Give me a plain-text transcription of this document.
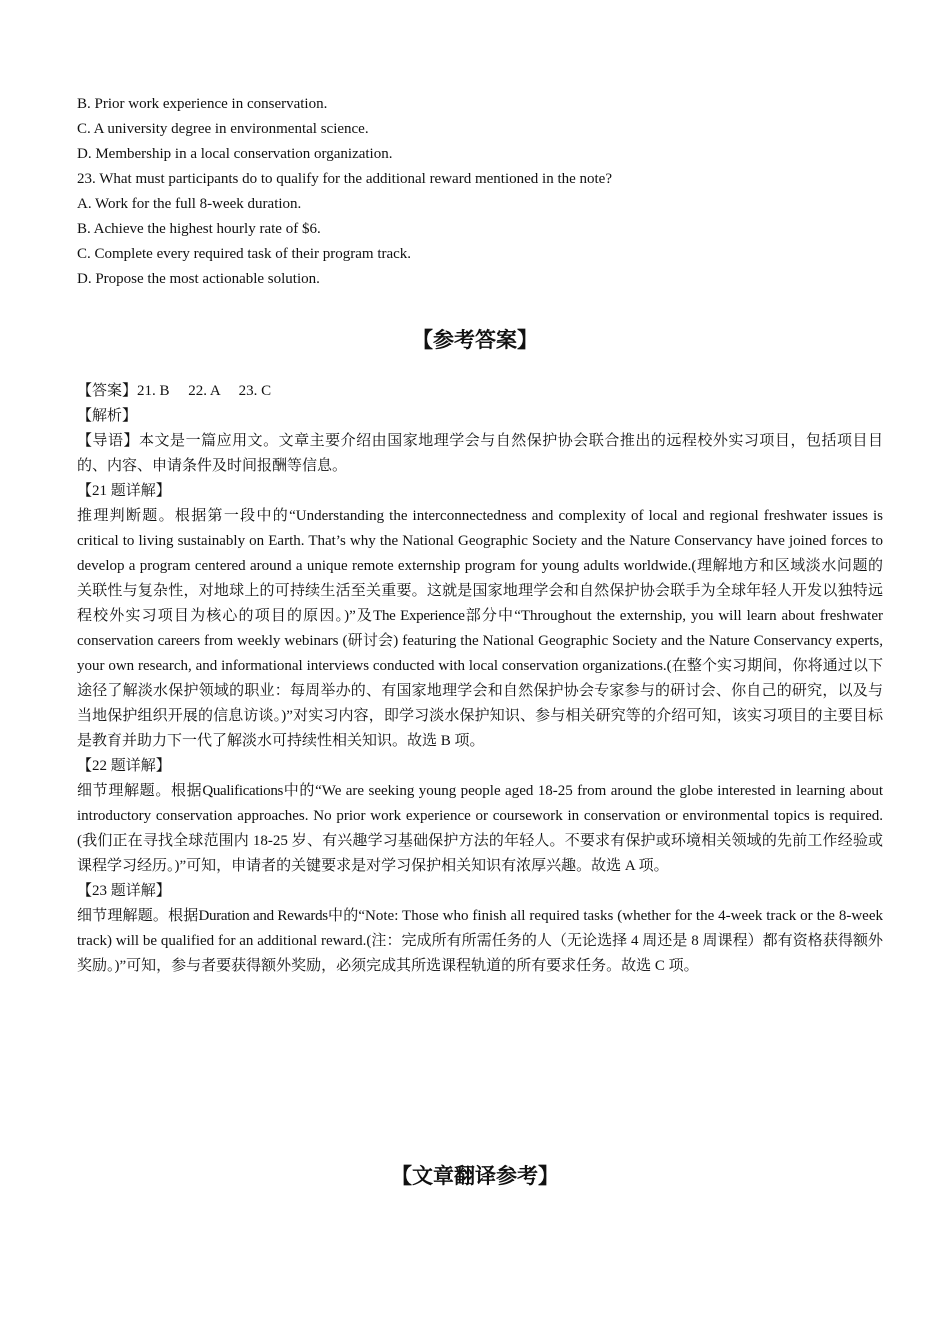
B. Prior work experience in conservation.

C. A university degree in environmental science.

D. Membership in a local conservation organization.

23. What must participants do to qualify for the additional reward mentioned in the note?

A. Work for the full 8-week duration.

B. Achieve the highest hourly rate of $6.

C. Complete every required task of their program track.

D. Propose the most actionable solution.

【参考答案】

【答案】21. B　 22. A　 23. C

【解析】

【导语】本文是一篇应用文。文章主要介绍由国家地理学会与自然保护协会联合推出的远程校外实习项目，包括项目目的、内容、申请条件及时间报酬等信息。

【21 题详解】

推理判断题。根据第一段中的“Understanding the interconnectedness and complexity of local and regional freshwater issues is critical to living sustainably on Earth. That’s why the National Geographic Society and the Nature Conservancy have joined forces to develop a program centered around a unique remote externship program for young adults worldwide.(理解地方和区域淡水问题的关联性与复杂性，对地球上的可持续生活至关重要。这就是国家地理学会和自然保护协会联手为全球年轻人开发以独特远程校外实习项目为核心的项目的原因。)”及The Experience部分中“Throughout the externship, you will learn about freshwater conservation careers from weekly webinars (研讨会) featuring the National Geographic Society and the Nature Conservancy experts, your own research, and informational interviews conducted with local conservation organizations.(在整个实习期间，你将通过以下途径了解淡水保护领域的职业：每周举办的、有国家地理学会和自然保护协会专家参与的研讨会、你自己的研究，以及与当地保护组织开展的信息访谈。)”对实习内容，即学习淡水保护知识、参与相关研究等的介绍可知，该实习项目的主要目标是教育并助力下一代了解淡水可持续性相关知识。故选 B 项。

【22 题详解】

细节理解题。根据Qualifications中的“We are seeking young people aged 18-25 from around the globe interested in learning about introductory conservation approaches. No prior work experience or coursework in conservation or environmental topics is required.(我们正在寻找全球范围内 18-25 岁、有兴趣学习基础保护方法的年轻人。不要求有保护或环境相关领域的先前工作经验或课程学习经历。)”可知，申请者的关键要求是对学习保护相关知识有浓厚兴趣。故选 A 项。

【23 题详解】

细节理解题。根据Duration and Rewards中的“Note: Those who finish all required tasks (whether for the 4-week track or the 8-week track) will be qualified for an additional reward.(注：完成所有所需任务的人（无论选择 4 周还是 8 周课程）都有资格获得额外奖励。)”可知，参与者要获得额外奖励，必须完成其所选课程轨道的所有要求任务。故选 C 项。

【文章翻译参考】
